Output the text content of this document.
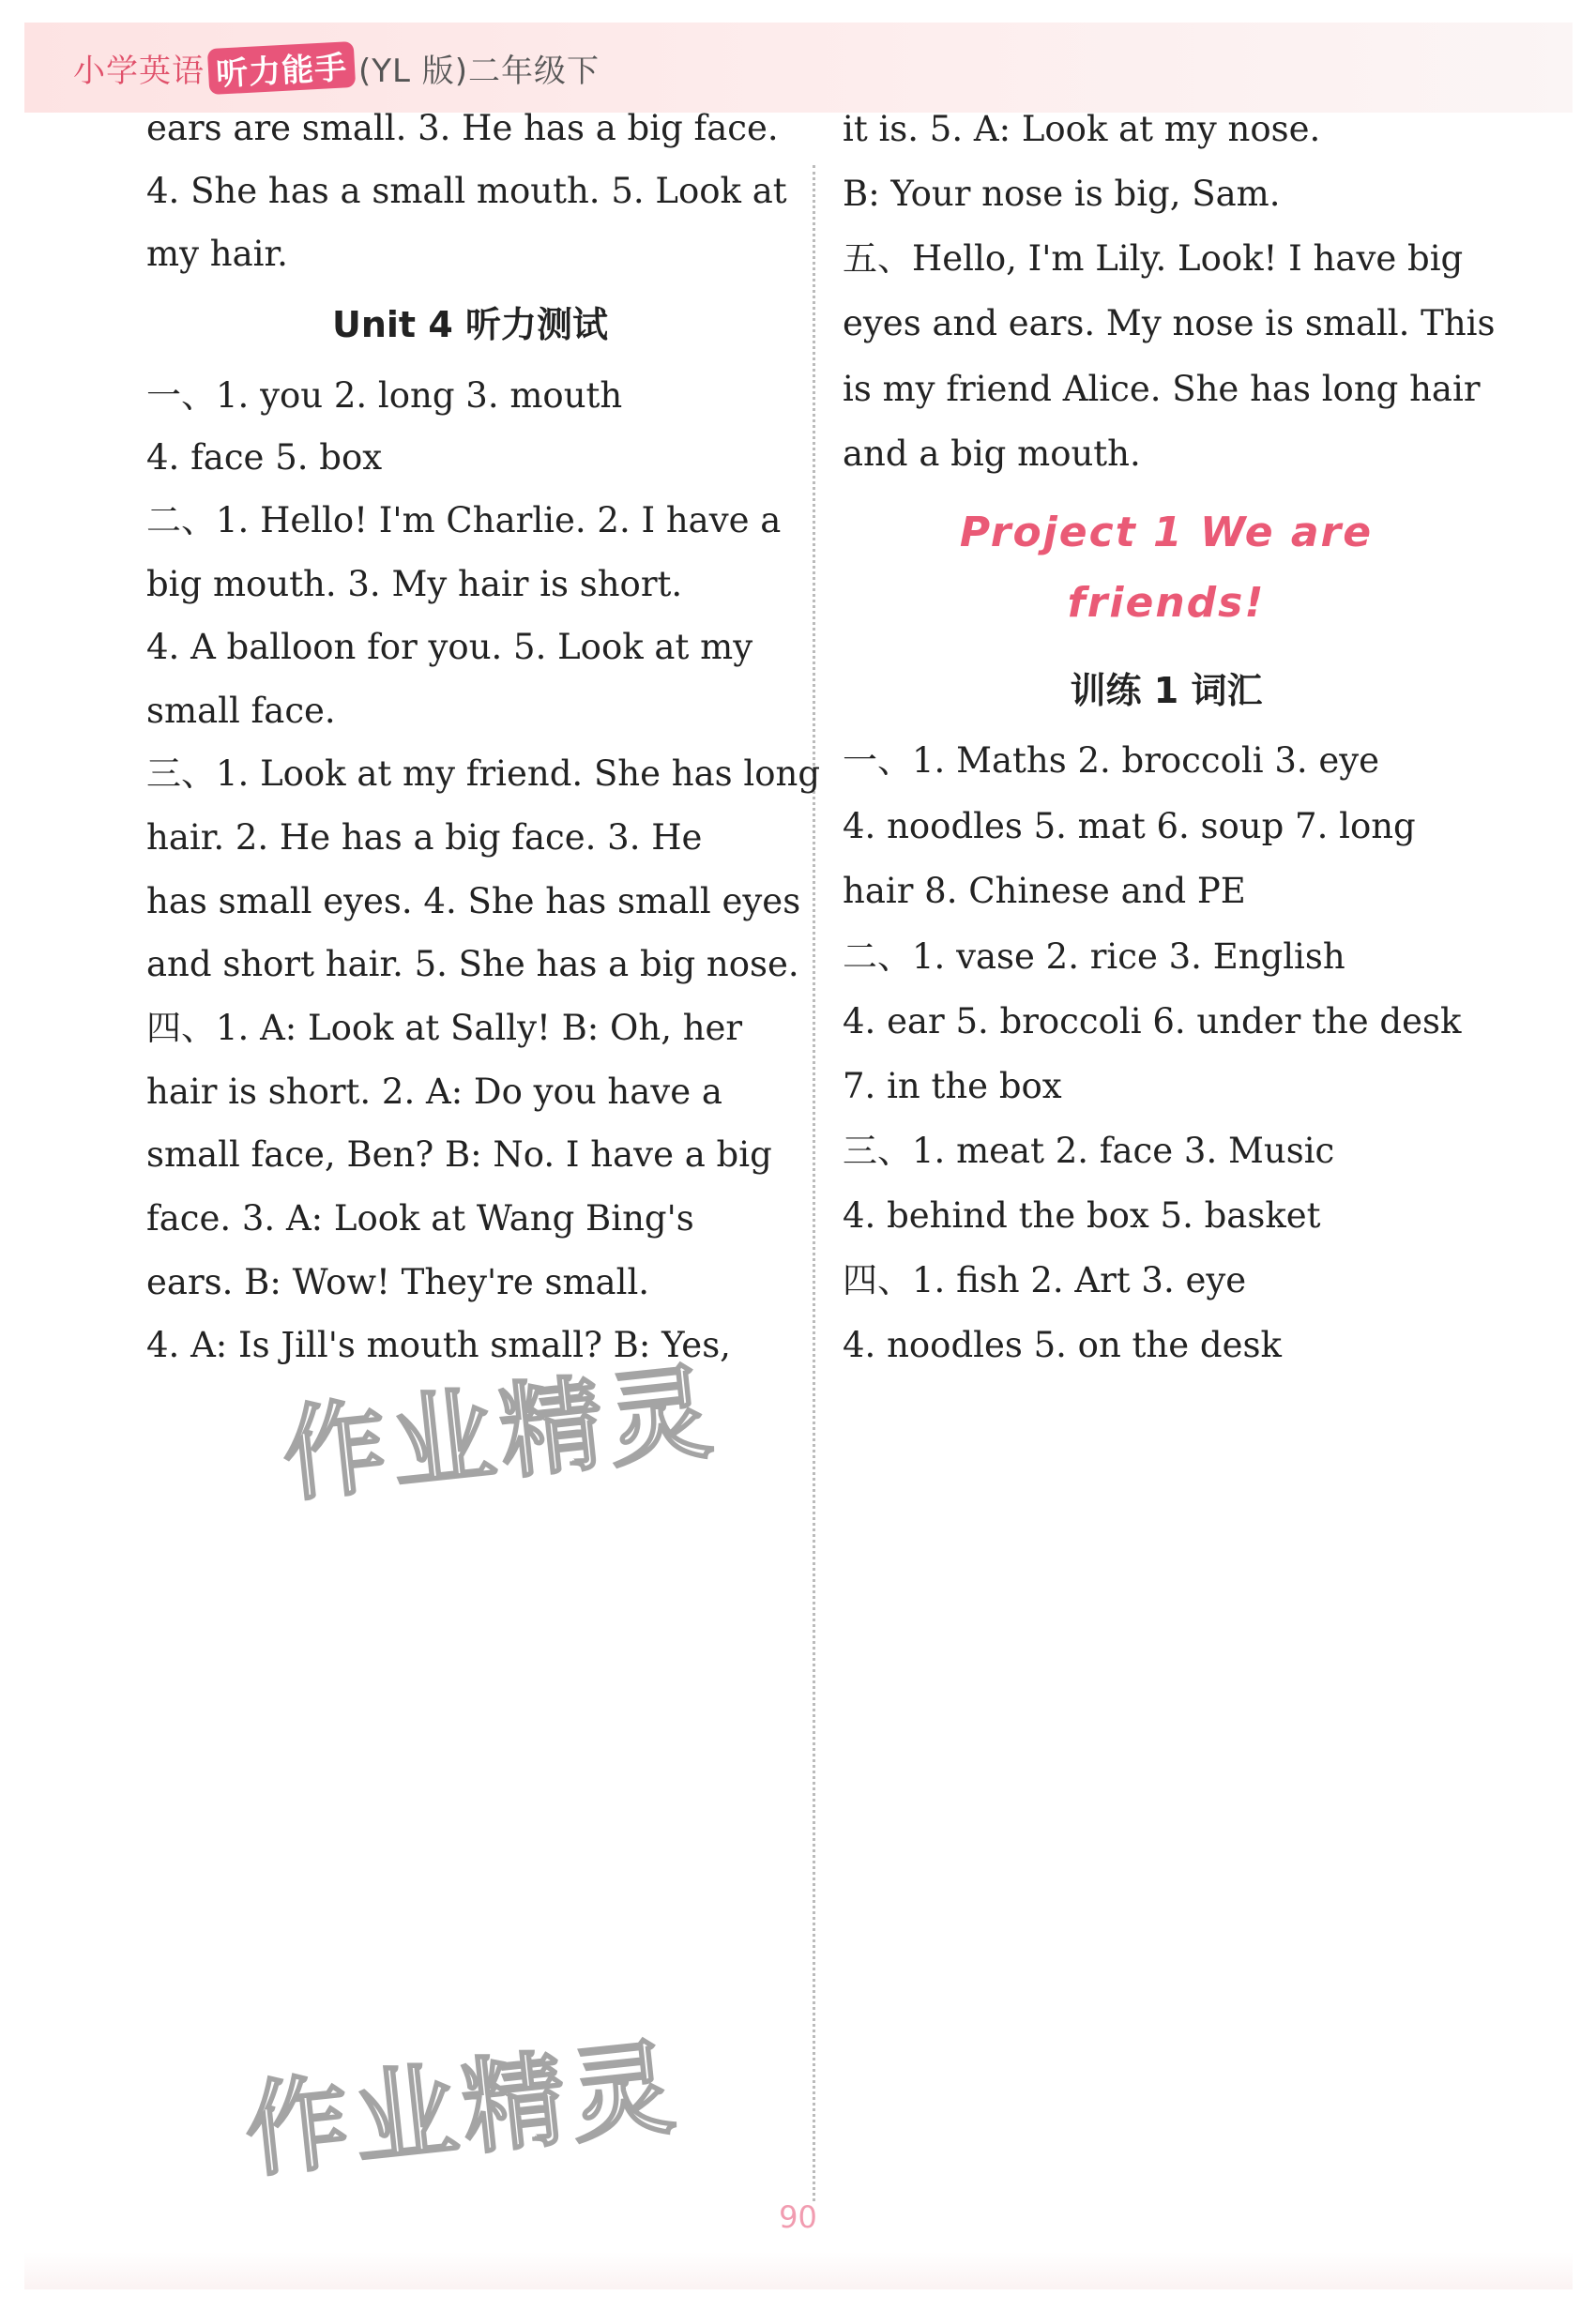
小学英语 听力能手 (YL 版)二年级下
ears are small. 3. He has a big face.
4. She has a small mouth. 5. Look at
my hair.
Unit 4 听力测试
一、1. you 2. long 3. mouth
4. face 5. box
二、1. Hello! I'm Charlie. 2. I have a
big mouth. 3. My hair is short.
4. A balloon for you. 5. Look at my
small face.
三、1. Look at my friend. She has long
hair. 2. He has a big face. 3. He
has small eyes. 4. She has small eyes
and short hair. 5. She has a big nose.
四、1. A: Look at Sally! B: Oh, her
hair is short. 2. A: Do you have a
small face, Ben? B: No. I have a big
face. 3. A: Look at Wang Bing's
ears. B: Wow! They're small.
4. A: Is Jill's mouth small? B: Yes,
it is. 5. A: Look at my nose.
B: Your nose is big, Sam.
五、Hello, I'm Lily. Look! I have big
eyes and ears. My nose is small. This
is my friend Alice. She has long hair
and a big mouth.
Project 1 We are
friends!
训练 1 词汇
一、1. Maths 2. broccoli 3. eye
4. noodles 5. mat 6. soup 7. long
hair 8. Chinese and PE
二、1. vase 2. rice 3. English
4. ear 5. broccoli 6. under the desk
7. in the box
三、1. meat 2. face 3. Music
4. behind the box 5. basket
四、1. fish 2. Art 3. eye
4. noodles 5. on the desk
作业精灵
作业精灵
90
